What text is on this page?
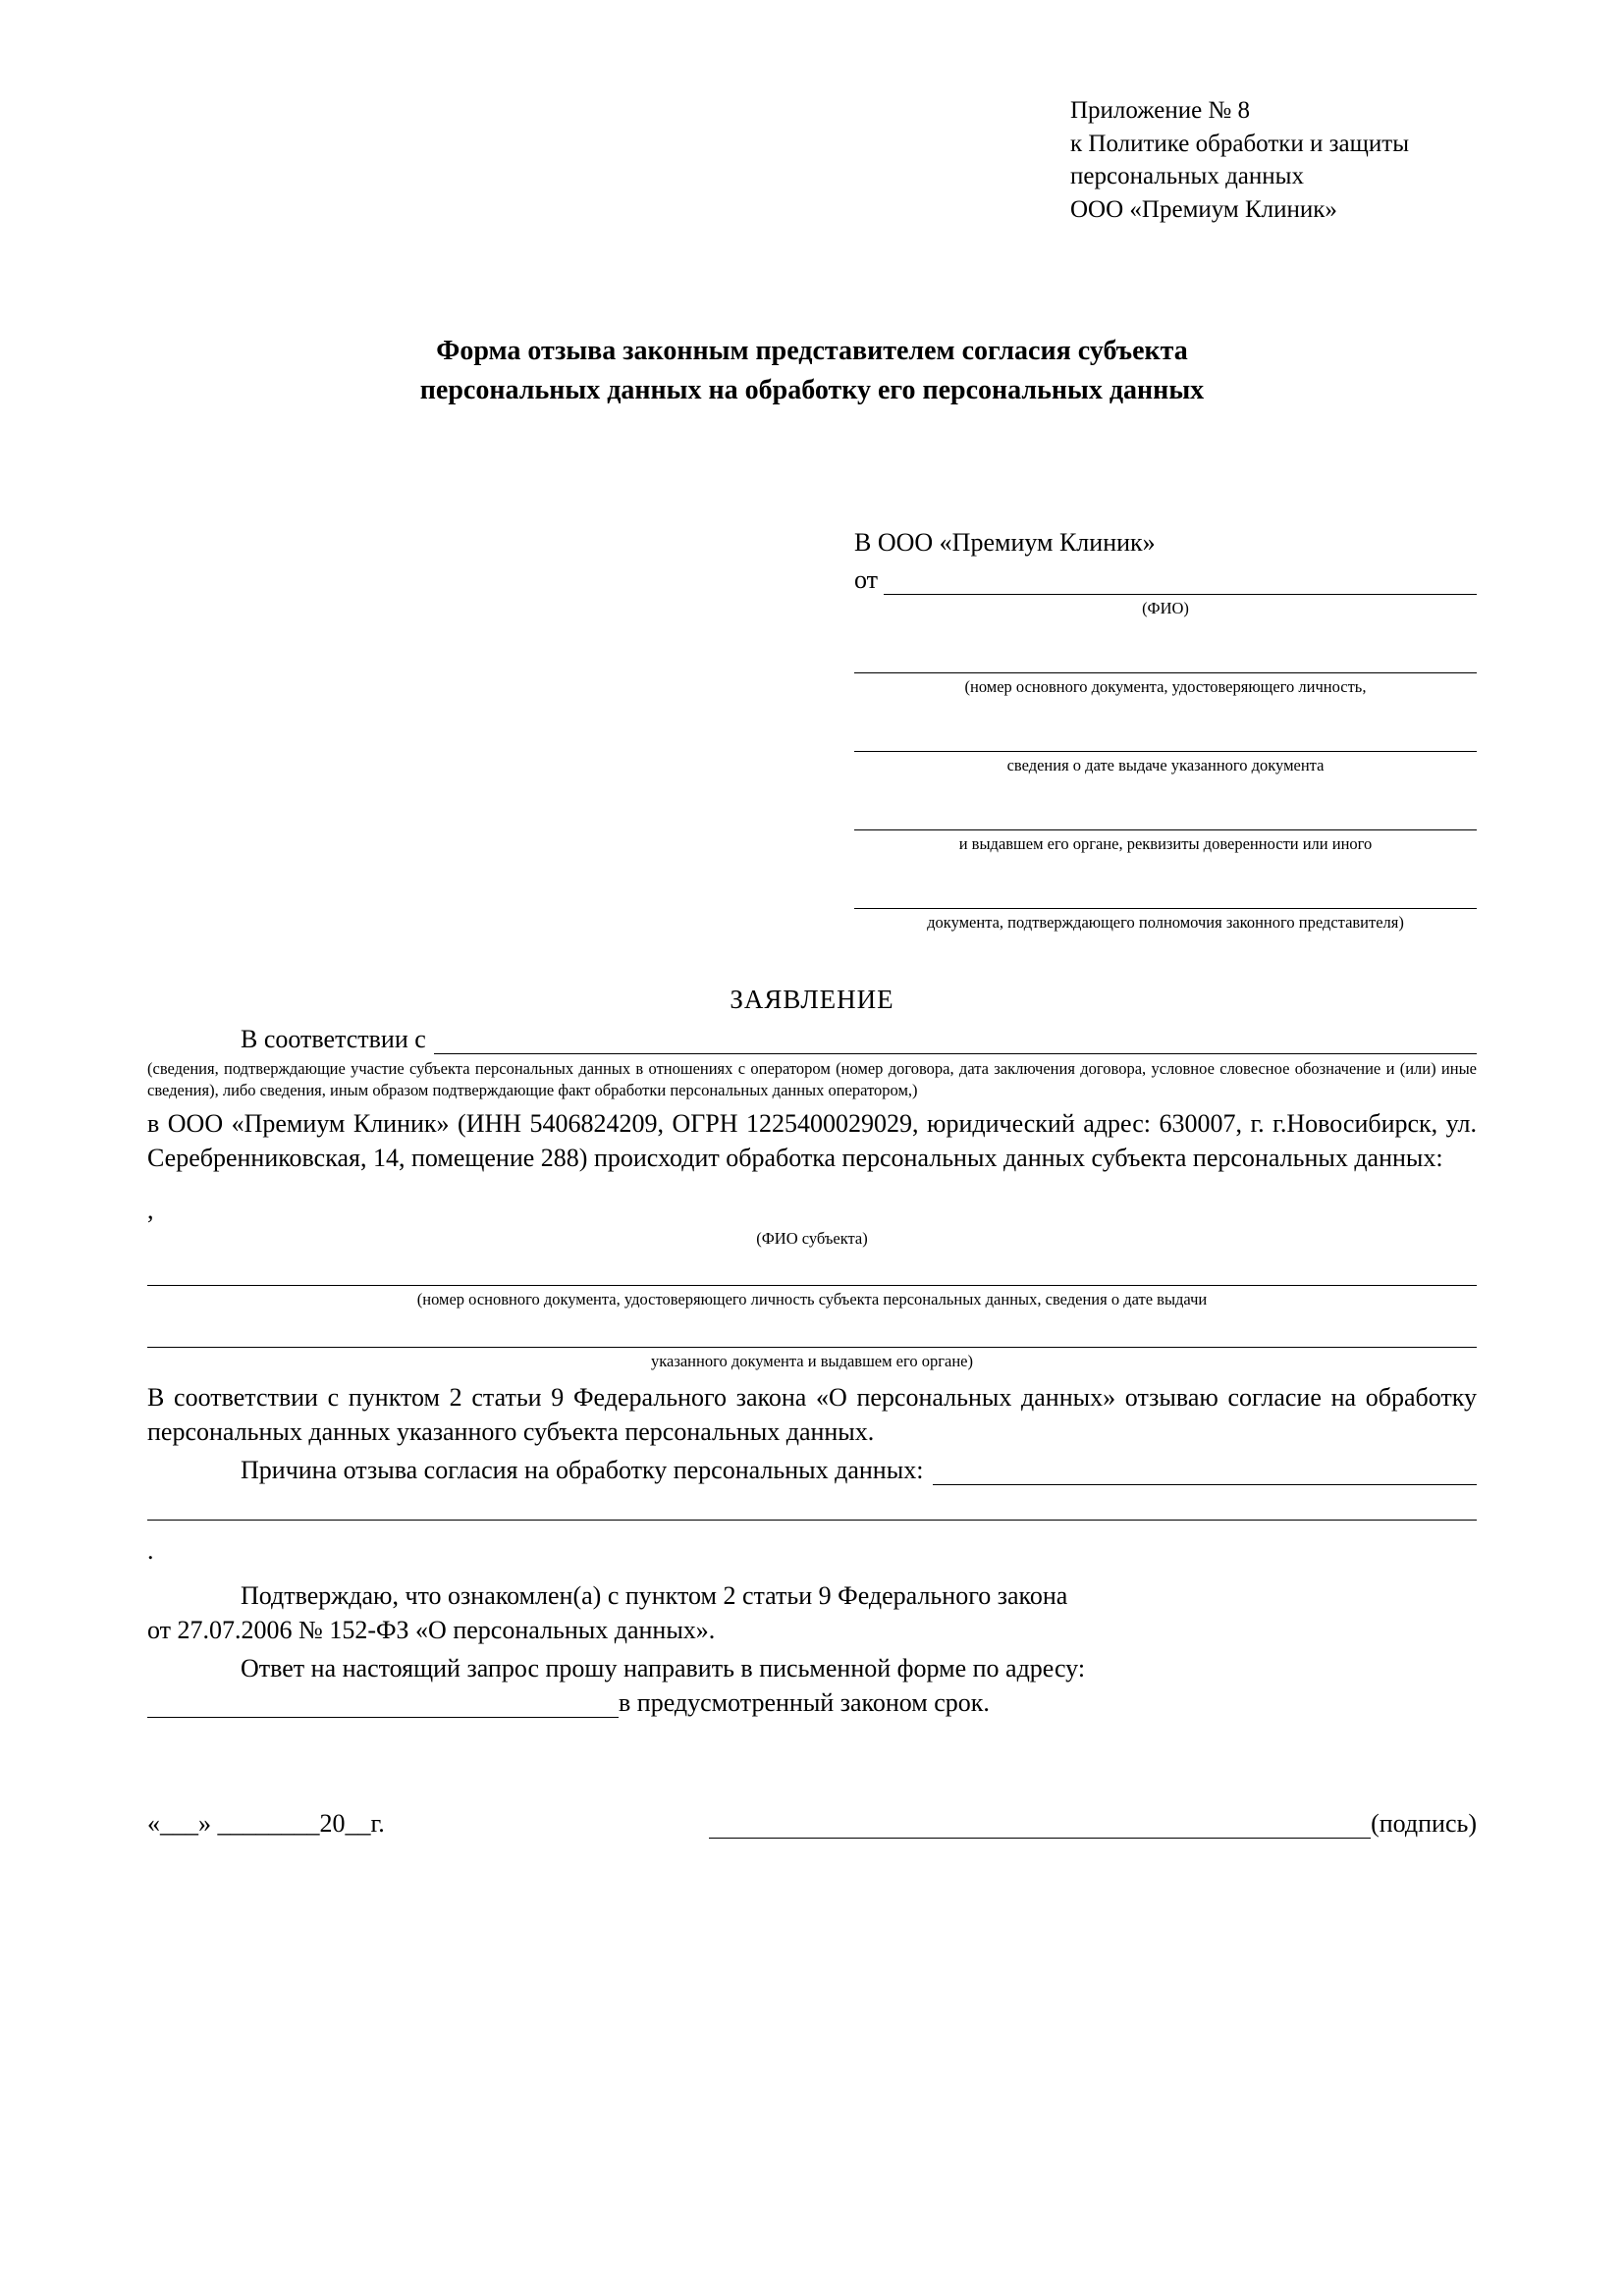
Приложение № 8
к Политике обработки и защиты
персональных данных
ООО «Премиум Клиник»
Форма отзыва законным представителем согласия субъекта
персональных данных на обработку его персональных данных
В ООО «Премиум Клиник»
от
(ФИО)
(номер основного документа, удостоверяющего личность,
сведения о дате выдаче указанного документа
и выдавшем его органе, реквизиты доверенности или иного
документа, подтверждающего полномочия законного представителя)
ЗАЯВЛЕНИЕ
В соответствии с
(сведения, подтверждающие участие субъекта персональных данных в отношениях с оператором (номер договора, дата заключения договора, условное словесное обозначение и (или) иные сведения), либо сведения, иным образом подтверждающие факт обработки персональных данных оператором,)
в ООО «Премиум Клиник» (ИНН 5406824209, ОГРН 1225400029029, юридический адрес: 630007, г. г.Новосибирск, ул. Серебренниковская, 14, помещение 288) происходит обработка персональных данных субъекта персональных данных:
,
(ФИО субъекта)
(номер основного документа, удостоверяющего личность субъекта персональных данных, сведения о дате выдачи
указанного документа и выдавшем его органе)
В соответствии с пунктом 2 статьи 9 Федерального закона «О персональных данных» отзываю согласие на обработку персональных данных указанного субъекта персональных данных.
Причина отзыва согласия на обработку персональных данных:
.
Подтверждаю, что ознакомлен(а) с пунктом 2 статьи 9 Федерального закона
от 27.07.2006 № 152-ФЗ «О персональных данных».
Ответ на настоящий запрос прошу направить в письменной форме по адресу:
в предусмотренный законом срок.
«___» ________20__г.	(подпись)
